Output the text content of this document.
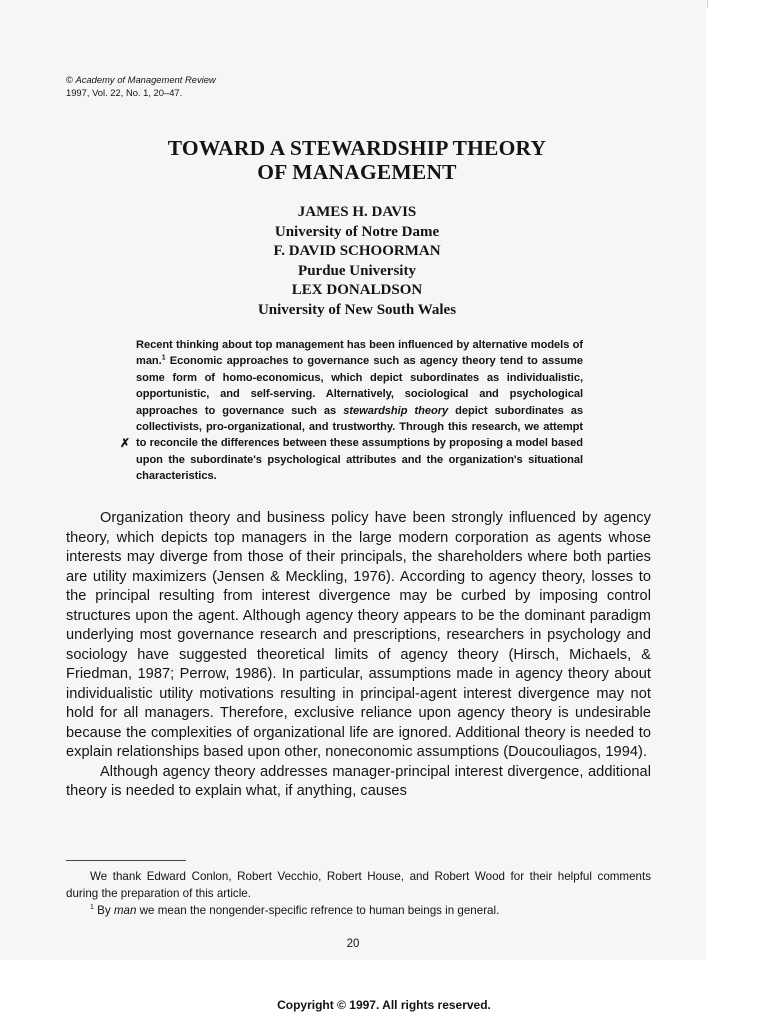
© Academy of Management Review
1997, Vol. 22, No. 1, 20–47.
TOWARD A STEWARDSHIP THEORY
OF MANAGEMENT
JAMES H. DAVIS
University of Notre Dame
F. DAVID SCHOORMAN
Purdue University
LEX DONALDSON
University of New South Wales
✗
Recent thinking about top management has been influenced by alternative models of man.$^1$ Economic approaches to governance such as agency theory tend to assume some form of homo-economicus, which depict subordinates as individualistic, opportunistic, and self-serving. Alternatively, sociological and psychological approaches to governance such as stewardship theory depict subordinates as collectivists, pro-organizational, and trustworthy. Through this research, we attempt to reconcile the differences between these assumptions by proposing a model based upon the subordinate's psychological attributes and the organization's situational characteristics.

Organization theory and business policy have been strongly influenced by agency theory, which depicts top managers in the large modern corporation as agents whose interests may diverge from those of their principals, the shareholders where both parties are utility maximizers (Jensen & Meckling, 1976). According to agency theory, losses to the principal resulting from interest divergence may be curbed by imposing control structures upon the agent. Although agency theory appears to be the dominant paradigm underlying most governance research and prescriptions, researchers in psychology and sociology have suggested theoretical limits of agency theory (Hirsch, Michaels, & Friedman, 1987; Perrow, 1986). In particular, assumptions made in agency theory about individualistic utility motivations resulting in principal-agent interest divergence may not hold for all managers. Therefore, exclusive reliance upon agency theory is undesirable because the complexities of organizational life are ignored. Additional theory is needed to explain relationships based upon other, noneconomic assumptions (Doucouliagos, 1994).

Although agency theory addresses manager-principal interest divergence, additional theory is needed to explain what, if anything, causes

We thank Edward Conlon, Robert Vecchio, Robert House, and Robert Wood for their helpful comments during the preparation of this article.

$^1$ By man we mean the nongender-specific refrence to human beings in general.

20
Copyright © 1997. All rights reserved.
